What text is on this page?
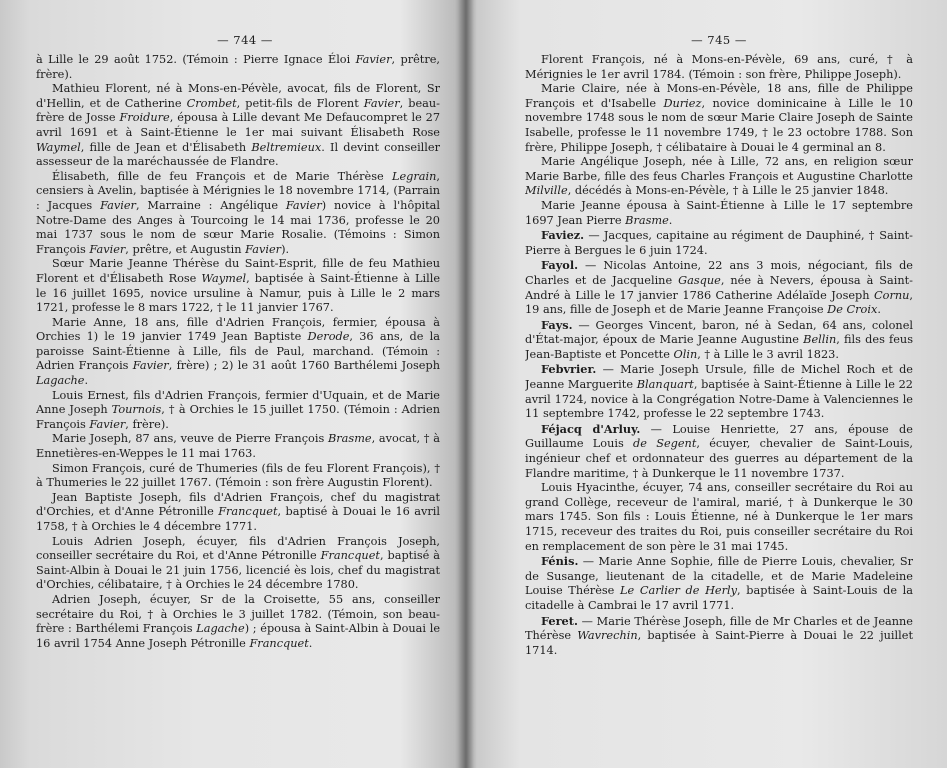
— 744 —

à Lille le 29 août 1752. (Témoin : Pierre Ignace Éloi Favier, prêtre, frère).

Mathieu Florent, né à Mons-en-Pévèle, avocat, fils de Florent, Sr d'Hellin, et de Catherine Crombet, petit-fils de Florent Favier, beau-frère de Josse Froidure, épousa à Lille devant Me Defaucompret le 27 avril 1691 et à Saint-Étienne le 1er mai suivant Élisabeth Rose Waymel, fille de Jean et d'Élisabeth Beltremieux. Il devint conseiller assesseur de la maréchaussée de Flandre.

Élisabeth, fille de feu François et de Marie Thérèse Legrain, censiers à Avelin, baptisée à Mérignies le 18 novembre 1714, (Parrain : Jacques Favier, Marraine : Angélique Favier) novice à l'hôpital Notre-Dame des Anges à Tourcoing le 14 mai 1736, professe le 20 mai 1737 sous le nom de sœur Marie Rosalie. (Témoins : Simon François Favier, prêtre, et Augustin Favier).

Sœur Marie Jeanne Thérèse du Saint-Esprit, fille de feu Mathieu Florent et d'Élisabeth Rose Waymel, baptisée à Saint-Étienne à Lille le 16 juillet 1695, novice ursuline à Namur, puis à Lille le 2 mars 1721, professe le 8 mars 1722, † le 11 janvier 1767.

Marie Anne, 18 ans, fille d'Adrien François, fermier, épousa à Orchies 1) le 19 janvier 1749 Jean Baptiste Derode, 36 ans, de la paroisse Saint-Étienne à Lille, fils de Paul, marchand. (Témoin : Adrien François Favier, frère) ; 2) le 31 août 1760 Barthélemi Joseph Lagache.

Louis Ernest, fils d'Adrien François, fermier d'Uquain, et de Marie Anne Joseph Tournois, † à Orchies le 15 juillet 1750. (Témoin : Adrien François Favier, frère).

Marie Joseph, 87 ans, veuve de Pierre François Brasme, avocat, † à Ennetières-en-Weppes le 11 mai 1763.

Simon François, curé de Thumeries (fils de feu Florent François), † à Thumeries le 22 juillet 1767. (Témoin : son frère Augustin Florent).

Jean Baptiste Joseph, fils d'Adrien François, chef du magistrat d'Orchies, et d'Anne Pétronille Francquet, baptisé à Douai le 16 avril 1758, † à Orchies le 4 décembre 1771.

Louis Adrien Joseph, écuyer, fils d'Adrien François Joseph, conseiller secrétaire du Roi, et d'Anne Pétronille Francquet, baptisé à Saint-Albin à Douai le 21 juin 1756, licencié ès lois, chef du magistrat d'Orchies, célibataire, † à Orchies le 24 décembre 1780.

Adrien Joseph, écuyer, Sr de la Croisette, 55 ans, conseiller secrétaire du Roi, † à Orchies le 3 juillet 1782. (Témoin, son beau-frère : Barthélemi François Lagache) ; épousa à Saint-Albin à Douai le 16 avril 1754 Anne Joseph Pétronille Francquet.

— 745 —

Florent François, né à Mons-en-Pévèle, 69 ans, curé, † à Mérignies le 1er avril 1784. (Témoin : son frère, Philippe Joseph).

Marie Claire, née à Mons-en-Pévèle, 18 ans, fille de Philippe François et d'Isabelle Duriez, novice dominicaine à Lille le 10 novembre 1748 sous le nom de sœur Marie Claire Joseph de Sainte Isabelle, professe le 11 novembre 1749, † le 23 octobre 1788. Son frère, Philippe Joseph, † célibataire à Douai le 4 germinal an 8.

Marie Angélique Joseph, née à Lille, 72 ans, en religion sœur Marie Barbe, fille des feus Charles François et Augustine Charlotte Milville, décédés à Mons-en-Pévèle, † à Lille le 25 janvier 1848.

Marie Jeanne épousa à Saint-Étienne à Lille le 17 septembre 1697 Jean Pierre Brasme.

Faviez. — Jacques, capitaine au régiment de Dauphiné, † Saint-Pierre à Bergues le 6 juin 1724.

Fayol. — Nicolas Antoine, 22 ans 3 mois, négociant, fils de Charles et de Jacqueline Gasque, née à Nevers, épousa à Saint-André à Lille le 17 janvier 1786 Catherine Adélaïde Joseph Cornu, 19 ans, fille de Joseph et de Marie Jeanne Françoise De Croix.

Fays. — Georges Vincent, baron, né à Sedan, 64 ans, colonel d'État-major, époux de Marie Jeanne Augustine Bellin, fils des feus Jean-Baptiste et Poncette Olin, † à Lille le 3 avril 1823.

Febvrier. — Marie Joseph Ursule, fille de Michel Roch et de Jeanne Marguerite Blanquart, baptisée à Saint-Étienne à Lille le 22 avril 1724, novice à la Congrégation Notre-Dame à Valenciennes le 11 septembre 1742, professe le 22 septembre 1743.

Féjacq d'Arluy. — Louise Henriette, 27 ans, épouse de Guillaume Louis de Segent, écuyer, chevalier de Saint-Louis, ingénieur chef et ordonnateur des guerres au département de la Flandre maritime, † à Dunkerque le 11 novembre 1737.

Louis Hyacinthe, écuyer, 74 ans, conseiller secrétaire du Roi au grand Collège, receveur de l'amiral, marié, † à Dunkerque le 30 mars 1745. Son fils : Louis Étienne, né à Dunkerque le 1er mars 1715, receveur des traites du Roi, puis conseiller secrétaire du Roi en remplacement de son père le 31 mai 1745.

Fénis. — Marie Anne Sophie, fille de Pierre Louis, chevalier, Sr de Susange, lieutenant de la citadelle, et de Marie Madeleine Louise Thérèse Le Carlier de Herly, baptisée à Saint-Louis de la citadelle à Cambrai le 17 avril 1771.

Feret. — Marie Thérèse Joseph, fille de Mr Charles et de Jeanne Thérèse Wavrechin, baptisée à Saint-Pierre à Douai le 22 juillet 1714.
